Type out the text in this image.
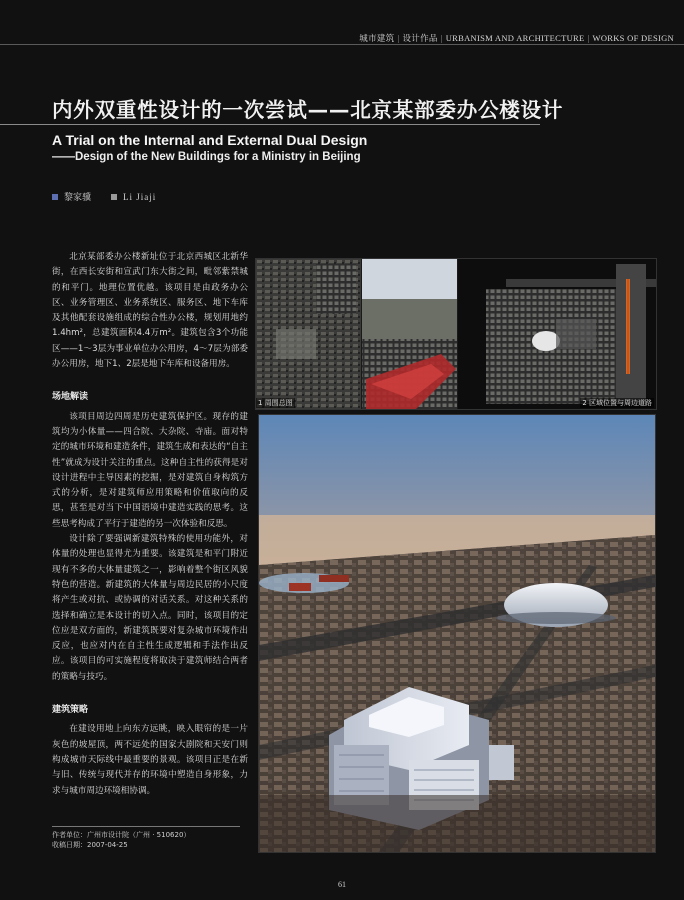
城市建筑 | 设计作品 | URBANISM AND ARCHITECTURE | WORKS OF DESIGN
内外双重性设计的一次尝试——北京某部委办公楼设计
A Trial on the Internal and External Dual Design
——Design of the New Buildings for a Ministry in Beijing
黎家骥	Li Jiaji

北京某部委办公楼新址位于北京西城区北新华街，在西长安街和宣武门东大街之间，毗邻紫禁城的和平门。地理位置优越。该项目是由政务办公区、业务管理区、业务系统区、服务区、地下车库及其他配套设施组成的综合性办公楼，规划用地约1.4hm²，总建筑面积4.4万m²。建筑包含3个功能区——1～3层为事业单位办公用房，4～7层为部委办公用房，地下1、2层是地下车库和设备用房。

场地解读

该项目周边四周是历史建筑保护区。现存的建筑均为小体量——四合院、大杂院、寺庙。面对特定的城市环境和建造条件，建筑生成和表达的“自主性”就成为设计关注的重点。这种自主性的获得是对设计进程中主导因素的挖掘，是对建筑自身构筑方式的分析，是对建筑师应用策略和价值取向的反思，甚至是对当下中国语境中建造实践的思考。这些思考构成了平行于建造的另一次体验和反思。

设计除了要强调新建筑特殊的使用功能外，对体量的处理也显得尤为重要。该建筑是和平门附近现有不多的大体量建筑之一，影响着整个街区风貌特色的营造。新建筑的大体量与周边民居的小尺度将产生或对抗、或协调的对话关系。对这种关系的选择和确立是本设计的切入点。同时，该项目的定位应是双方面的，新建筑既要对复杂城市环境作出反应，也应对内在自主性生成逻辑和手法作出反应。该项目的可实施程度将取决于建筑师结合两者的策略与技巧。

建筑策略

在建设用地上向东方远眺，映入眼帘的是一片灰色的坡屋顶，两不远处的国家大剧院和天安门则构成城市天际线中最重要的景观。该项目正是在新与旧、传统与现代并存的环境中塑造自身形象，力求与城市周边环境相协调。

作者单位：广州市设计院（广州 · 510620）
收稿日期：2007-04-25
1 周围总图	2 区域位置与周边道路
61
